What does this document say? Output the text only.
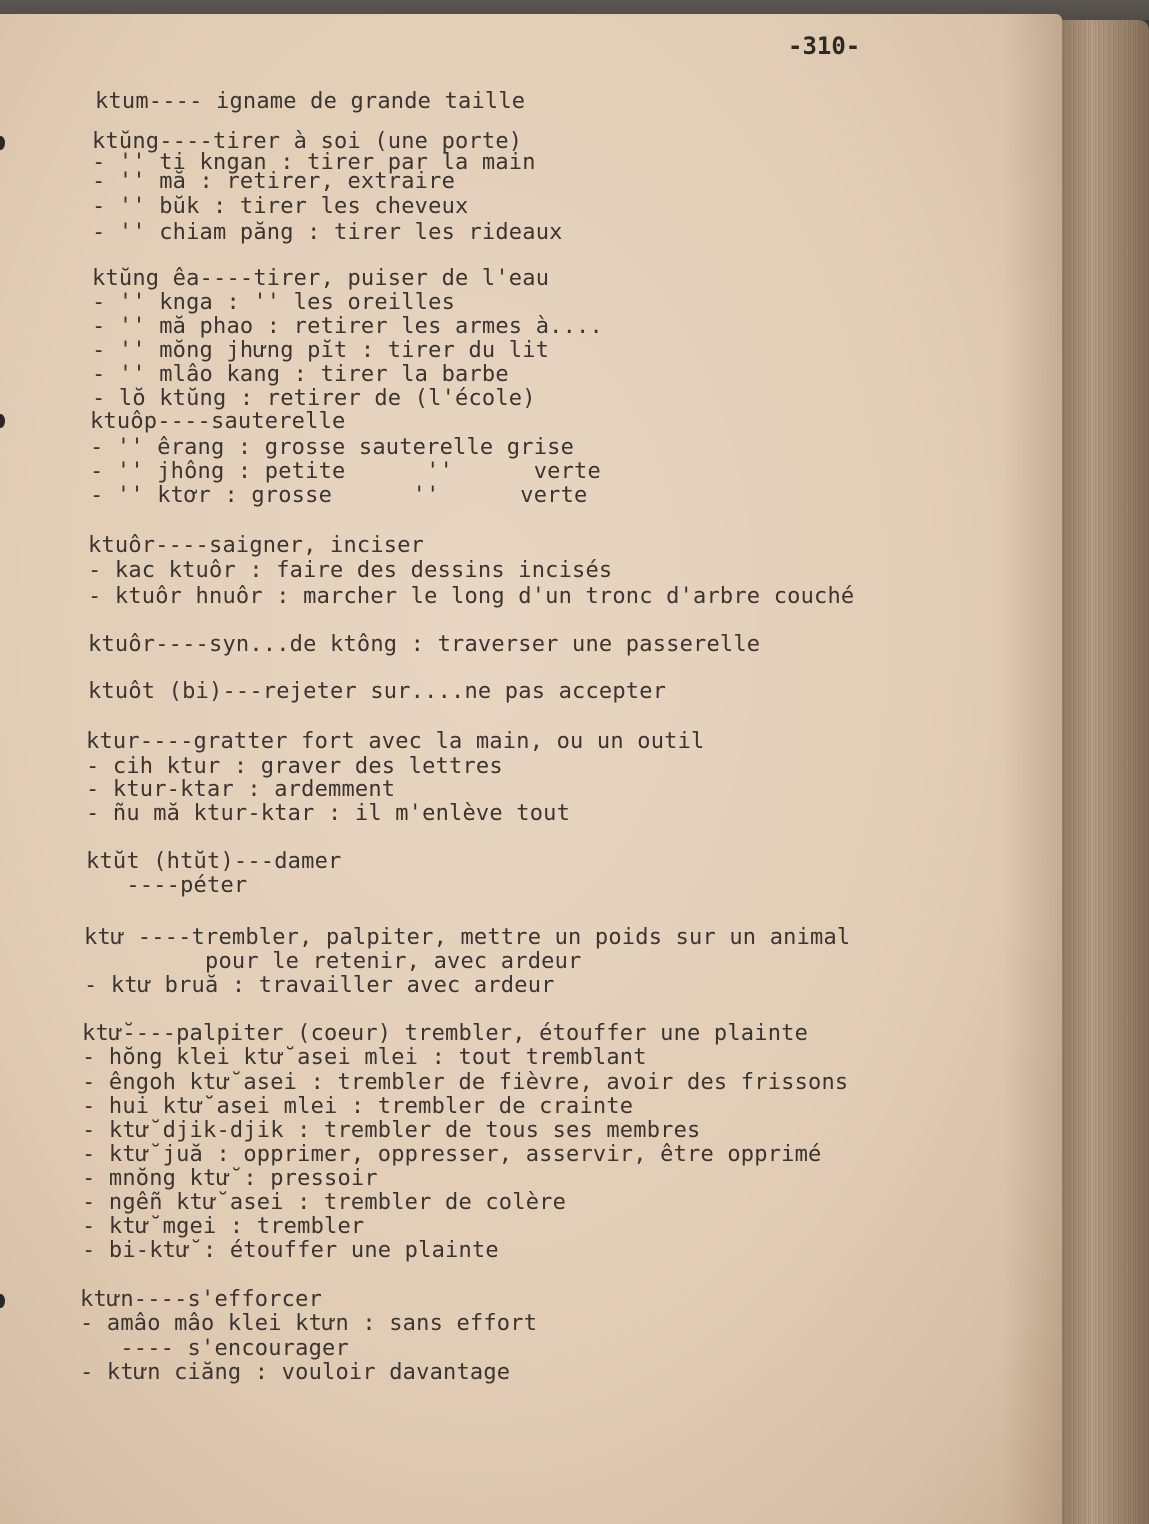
-310-
ktum---- igname de grande taille
ktŭng----tirer à soi (une porte)
- '' ti kngan : tirer par la main
- '' mă : retirer, extraire
- '' bŭk : tirer les cheveux
- '' chiam păng : tirer les rideaux
ktŭng êa----tirer, puiser de l'eau
- '' knga : '' les oreilles
- '' mă phao : retirer les armes à....
- '' mŏng jhưng pĭt : tirer du lit
- '' mlâo kang : tirer la barbe
- lŏ ktŭng : retirer de (l'école)
ktuôp----sauterelle
- '' êrang : grosse sauterelle grise
- '' jhông : petite      ''      verte
- '' ktơr : grosse      ''      verte
ktuôr----saigner, inciser
- kac ktuôr : faire des dessins incisés
- ktuôr hnuôr : marcher le long d'un tronc d'arbre couché
ktuôr----syn...de ktông : traverser une passerelle
ktuôt (bi)---rejeter sur....ne pas accepter
ktur----gratter fort avec la main, ou un outil
- cih ktur : graver des lettres
- ktur-ktar : ardemment
- ñu mă ktur-ktar : il m'enlève tout
ktŭt (htŭt)---damer
----péter
ktư ----trembler, palpiter, mettre un poids sur un animal
pour le retenir, avec ardeur
- ktư bruă : travailler avec ardeur
ktư̆----palpiter (coeur) trembler, étouffer une plainte
- hŏng klei ktư̆ asei mlei : tout tremblant
- êngoh ktư̆ asei : trembler de fièvre, avoir des frissons
- hui ktư̆ asei mlei : trembler de crainte
- ktư̆ djik-djik : trembler de tous ses membres
- ktư̆ juă : opprimer, oppresser, asservir, être opprimé
- mnŏng ktư̆ : pressoir
- ngêñ ktư̆ asei : trembler de colère
- ktư̆ mgei : trembler
- bi-ktư̆ : étouffer une plainte
ktưn----s'efforcer
- amâo mâo klei ktưn : sans effort
---- s'encourager
- ktưn ciăng : vouloir davantage
